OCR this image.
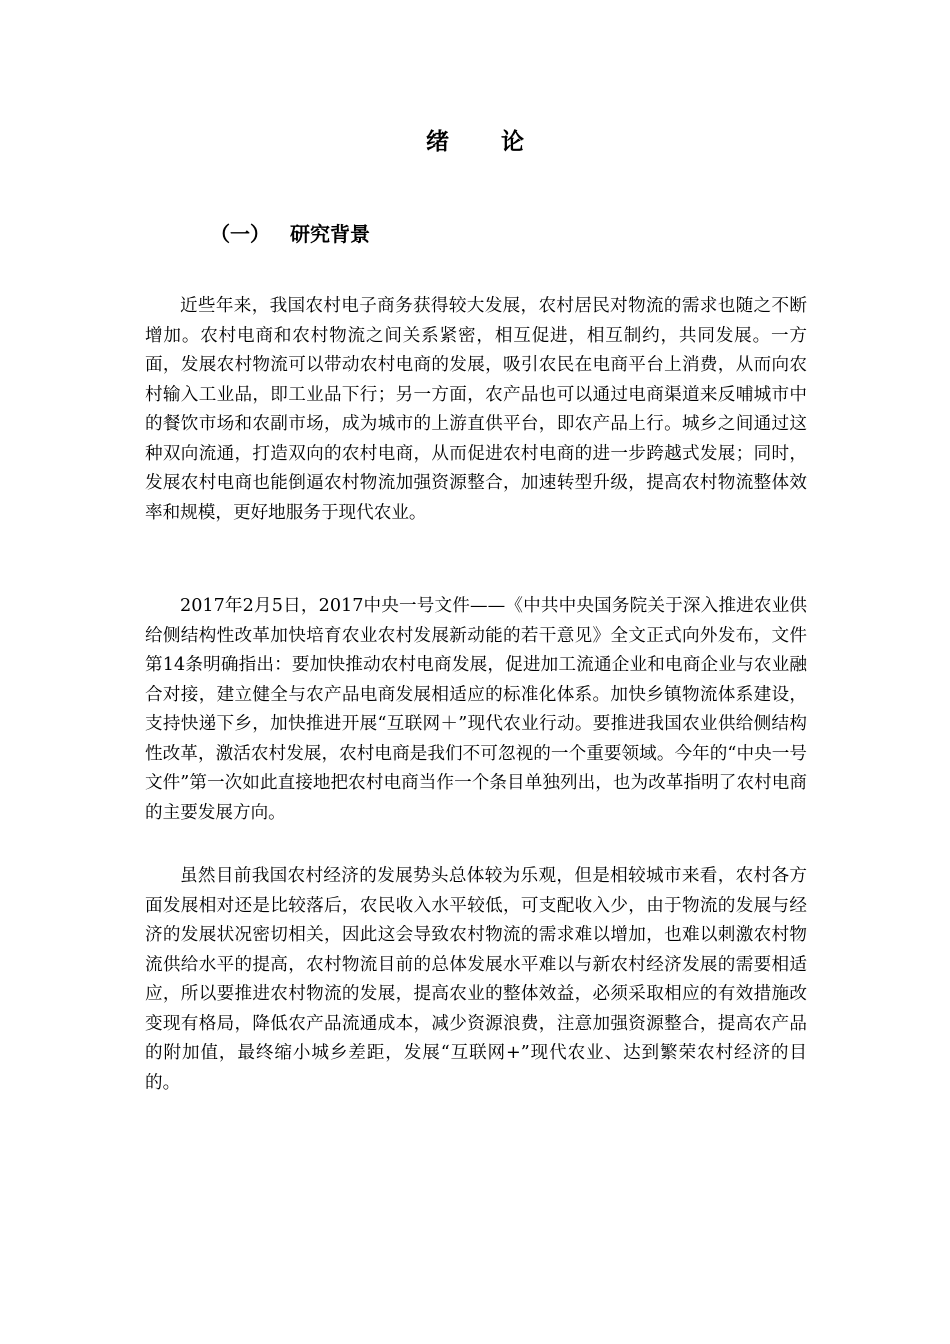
绪 论
（一） 研究背景

近些年来，我国农村电子商务获得较大发展，农村居民对物流的需求也随之不断增加。农村电商和农村物流之间关系紧密，相互促进，相互制约，共同发展。一方面，发展农村物流可以带动农村电商的发展，吸引农民在电商平台上消费，从而向农村输入工业品，即工业品下行；另一方面，农产品也可以通过电商渠道来反哺城市中的餐饮市场和农副市场，成为城市的上游直供平台，即农产品上行。城乡之间通过这种双向流通，打造双向的农村电商，从而促进农村电商的进一步跨越式发展；同时，发展农村电商也能倒逼农村物流加强资源整合，加速转型升级，提高农村物流整体效率和规模，更好地服务于现代农业。

2017年2月5日，2017中央一号文件——《中共中央国务院关于深入推进农业供给侧结构性改革加快培育农业农村发展新动能的若干意见》全文正式向外发布，文件第14条明确指出：要加快推动农村电商发展，促进加工流通企业和电商企业与农业融合对接，建立健全与农产品电商发展相适应的标准化体系。加快乡镇物流体系建设，支持快递下乡，加快推进开展“互联网＋”现代农业行动。要推进我国农业供给侧结构性改革，激活农村发展，农村电商是我们不可忽视的一个重要领域。今年的“中央一号文件”第一次如此直接地把农村电商当作一个条目单独列出，也为改革指明了农村电商的主要发展方向。

虽然目前我国农村经济的发展势头总体较为乐观，但是相较城市来看，农村各方面发展相对还是比较落后，农民收入水平较低，可支配收入少，由于物流的发展与经济的发展状况密切相关，因此这会导致农村物流的需求难以增加，也难以刺激农村物流供给水平的提高，农村物流目前的总体发展水平难以与新农村经济发展的需要相适应，所以要推进农村物流的发展，提高农业的整体效益，必须采取相应的有效措施改变现有格局，降低农产品流通成本，减少资源浪费，注意加强资源整合，提高农产品的附加值，最终缩小城乡差距，发展“互联网+”现代农业、达到繁荣农村经济的目的。
